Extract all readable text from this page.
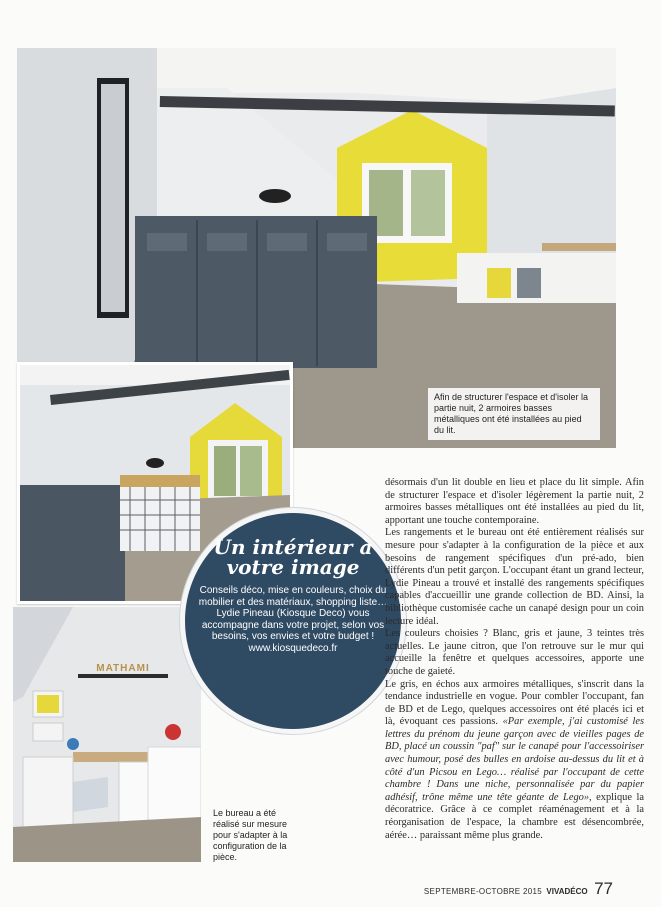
Afin de structurer l'espace et d'isoler la partie nuit, 2 armoires basses métalliques ont été installées au pied du lit.
MATHAMI
Le bureau a été réalisé sur mesure pour s'adapter à la configuration de la pièce.
Un intérieur à votre image
Conseils déco, mise en couleurs, choix du mobilier et des matériaux, shopping liste… Lydie Pineau (Kiosque Deco) vous accompagne dans votre projet, selon vos besoins, vos envies et votre budget ! www.kiosquedeco.fr

désormais d'un lit double en lieu et place du lit simple. Afin de structurer l'espace et d'isoler légèrement la partie nuit, 2 armoires basses métalliques ont été installées au pied du lit, apportant une touche contemporaine.

Les rangements et le bureau ont été entièrement réalisés sur mesure pour s'adapter à la configuration de la pièce et aux besoins de rangement spécifiques d'un pré-ado, bien différents d'un petit garçon. L'occupant étant un grand lecteur, Lydie Pineau a trouvé et installé des rangements spécifiques capables d'accueillir une grande collection de BD. Ainsi, la bibliothèque customisée cache un canapé design pour un coin lecture idéal.

Les couleurs choisies ? Blanc, gris et jaune, 3 teintes très actuelles. Le jaune citron, que l'on retrouve sur le mur qui accueille la fenêtre et quelques accessoires, apporte une touche de gaieté.

Le gris, en échos aux armoires métalliques, s'inscrit dans la tendance industrielle en vogue. Pour combler l'occupant, fan de BD et de Lego, quelques accessoires ont été placés ici et là, évoquant ces passions. «Par exemple, j'ai customisé les lettres du prénom du jeune garçon avec de vieilles pages de BD, placé un coussin "paf" sur le canapé pour l'accessoiriser avec humour, posé des bulles en ardoise au-dessus du lit et à côté d'un Picsou en Lego… réalisé par l'occupant de cette chambre ! Dans une niche, personnalisée par du papier adhésif, trône même une tête géante de Lego», explique la décoratrice. Grâce à ce complet réaménagement et à la réorganisation de l'espace, la chambre est désencombrée, aérée… paraissant même plus grande.

SEPTEMBRE-OCTOBRE 2015 VIVADÉCO 77
